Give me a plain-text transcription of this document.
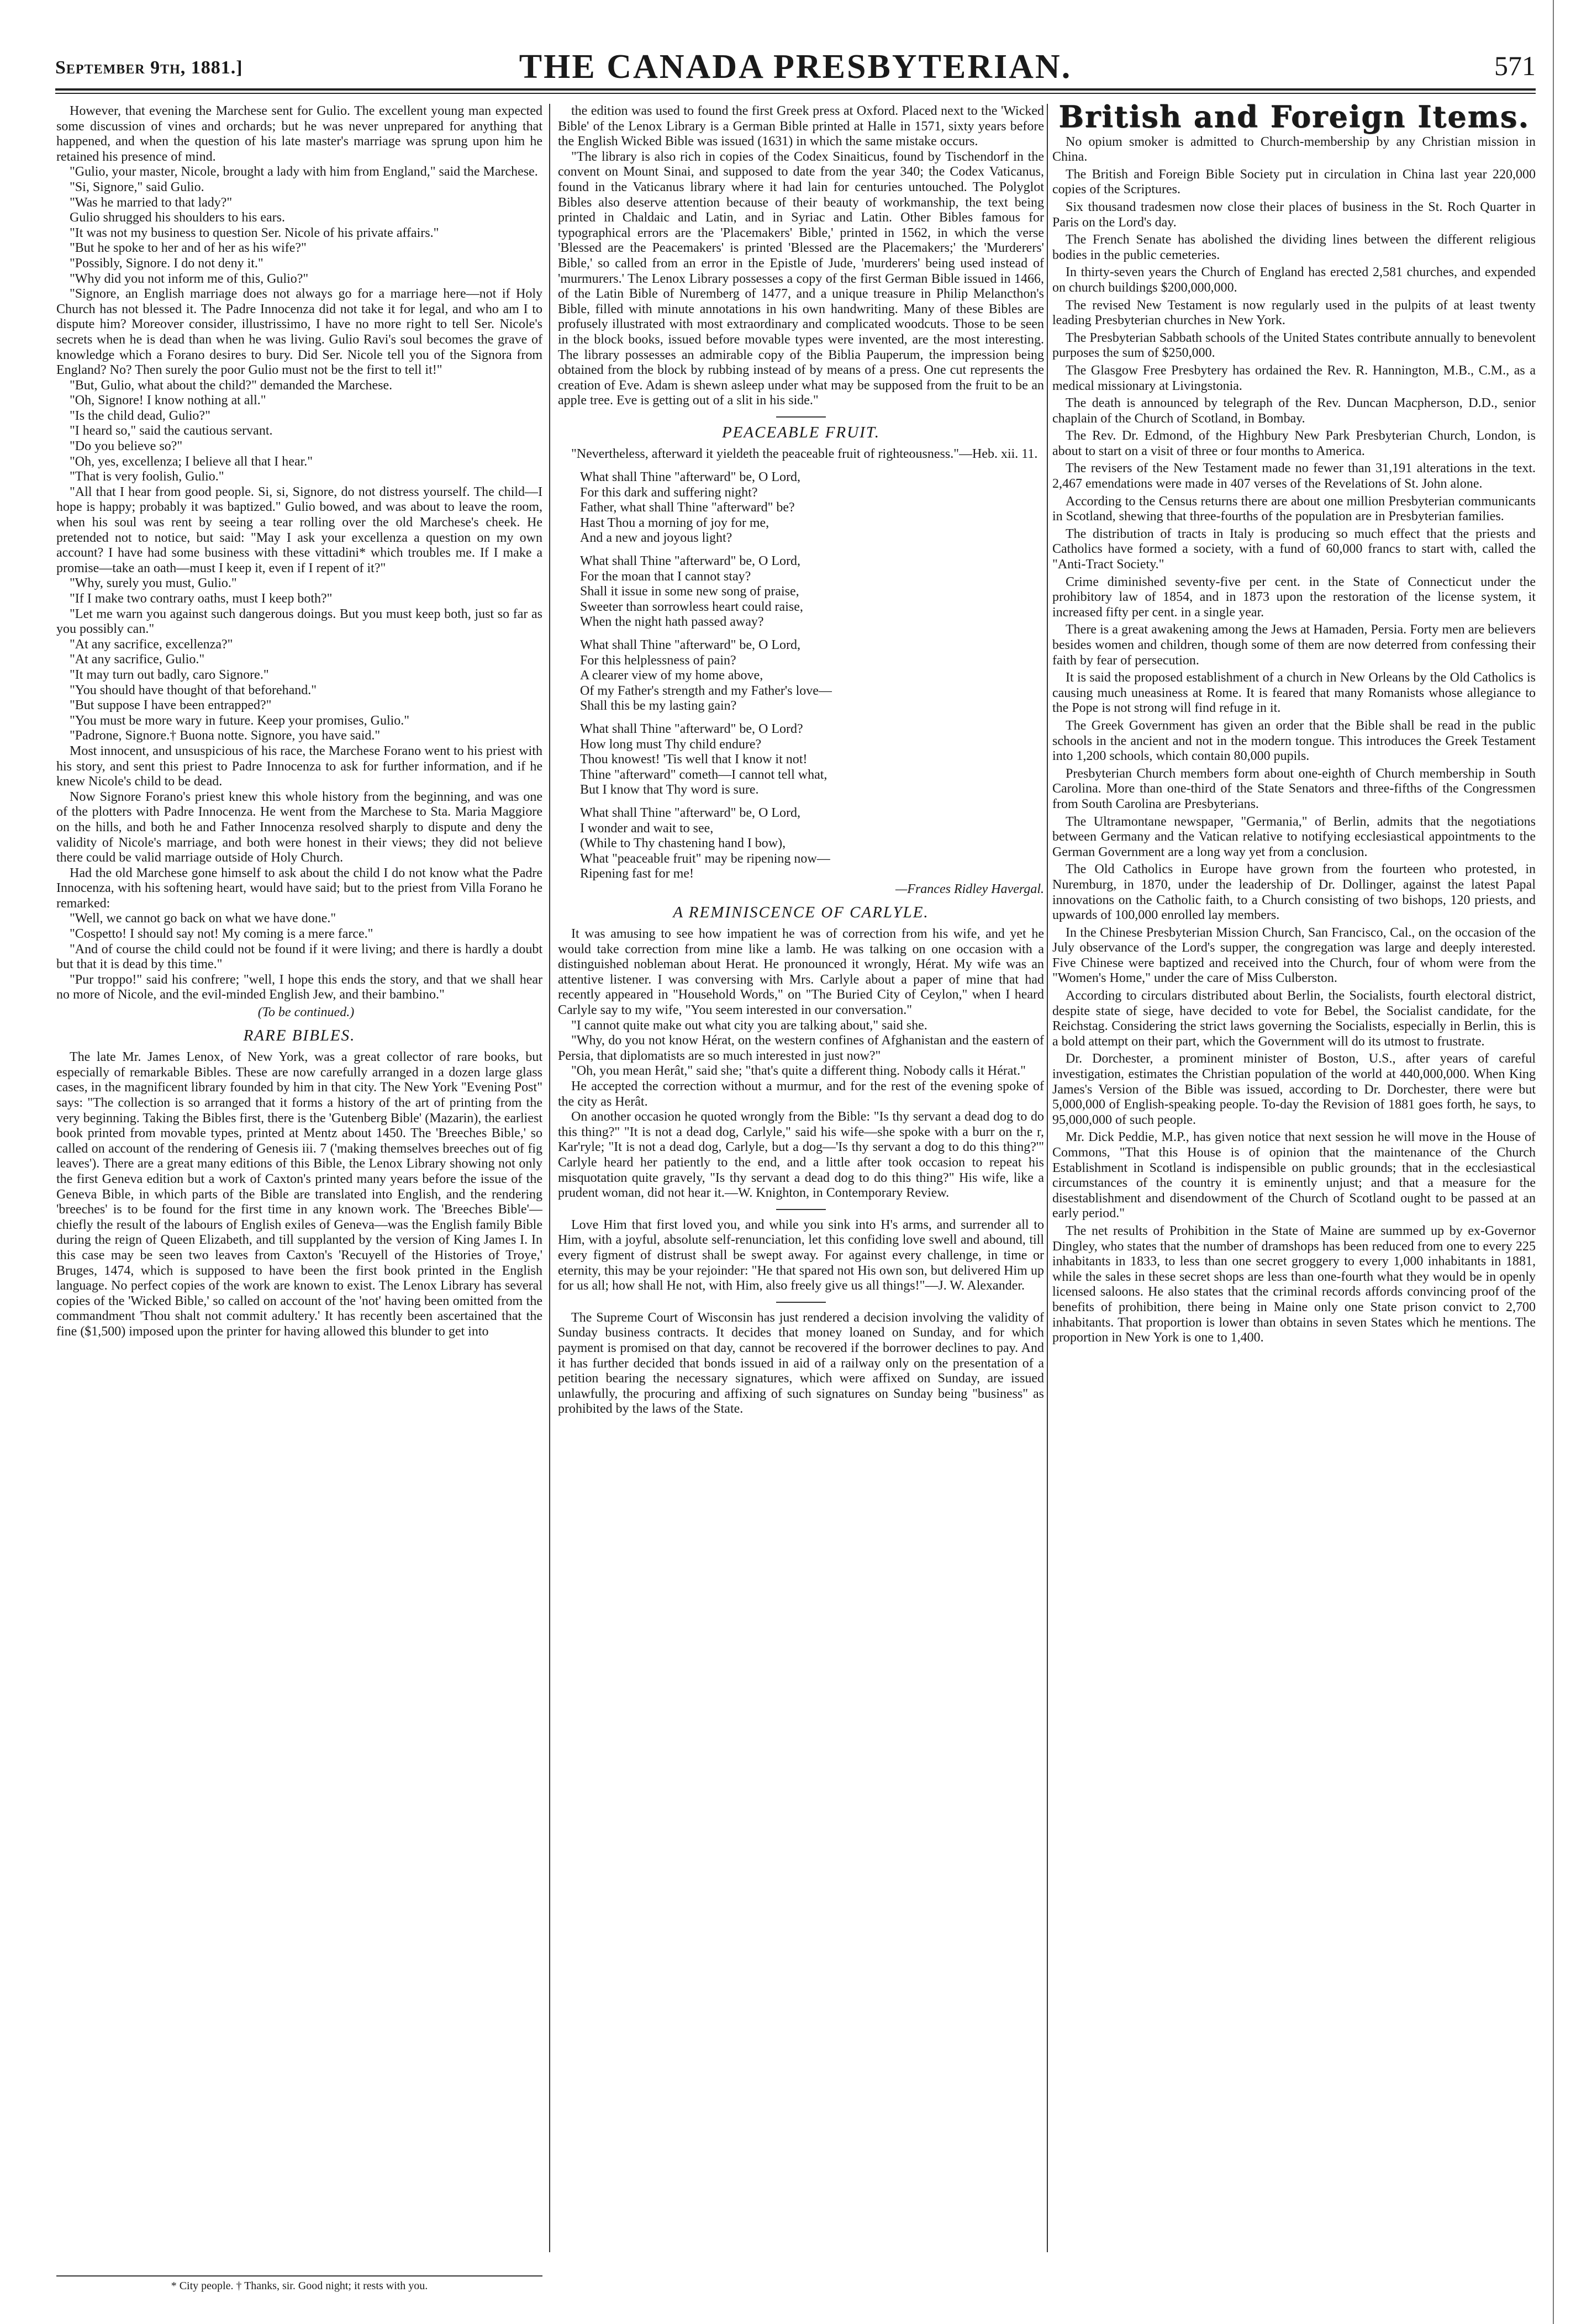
September 9th, 1881.]	THE CANADA PRESBYTERIAN.	571

However, that evening the Marchese sent for Gulio. The excellent young man expected some discussion of vines and orchards; but he was never unprepared for anything that happened, and when the question of his late master's marriage was sprung upon him he retained his presence of mind.

"Gulio, your master, Nicole, brought a lady with him from England," said the Marchese.

"Si, Signore," said Gulio.

"Was he married to that lady?"

Gulio shrugged his shoulders to his ears.

"It was not my business to question Ser. Nicole of his private affairs."

"But he spoke to her and of her as his wife?"

"Possibly, Signore. I do not deny it."

"Why did you not inform me of this, Gulio?"

"Signore, an English marriage does not always go for a marriage here—not if Holy Church has not blessed it. The Padre Innocenza did not take it for legal, and who am I to dispute him? Moreover consider, illustrissimo, I have no more right to tell Ser. Nicole's secrets when he is dead than when he was living. Gulio Ravi's soul becomes the grave of knowledge which a Forano desires to bury. Did Ser. Nicole tell you of the Signora from England? No? Then surely the poor Gulio must not be the first to tell it!"

"But, Gulio, what about the child?" demanded the Marchese.

"Oh, Signore! I know nothing at all."

"Is the child dead, Gulio?"

"I heard so," said the cautious servant.

"Do you believe so?"

"Oh, yes, excellenza; I believe all that I hear."

"That is very foolish, Gulio."

"All that I hear from good people. Si, si, Signore, do not distress yourself. The child—I hope is happy; probably it was baptized." Gulio bowed, and was about to leave the room, when his soul was rent by seeing a tear rolling over the old Marchese's cheek. He pretended not to notice, but said: "May I ask your excellenza a question on my own account? I have had some business with these vittadini* which troubles me. If I make a promise—take an oath—must I keep it, even if I repent of it?"

"Why, surely you must, Gulio."

"If I make two contrary oaths, must I keep both?"

"Let me warn you against such dangerous doings. But you must keep both, just so far as you possibly can."

"At any sacrifice, excellenza?"

"At any sacrifice, Gulio."

"It may turn out badly, caro Signore."

"You should have thought of that beforehand."

"But suppose I have been entrapped?"

"You must be more wary in future. Keep your promises, Gulio."

"Padrone, Signore.† Buona notte. Signore, you have said."

Most innocent, and unsuspicious of his race, the Marchese Forano went to his priest with his story, and sent this priest to Padre Innocenza to ask for further information, and if he knew Nicole's child to be dead.

Now Signore Forano's priest knew this whole history from the beginning, and was one of the plotters with Padre Innocenza. He went from the Marchese to Sta. Maria Maggiore on the hills, and both he and Father Innocenza resolved sharply to dispute and deny the validity of Nicole's marriage, and both were honest in their views; they did not believe there could be valid marriage outside of Holy Church.

Had the old Marchese gone himself to ask about the child I do not know what the Padre Innocenza, with his softening heart, would have said; but to the priest from Villa Forano he remarked:

"Well, we cannot go back on what we have done."

"Cospetto! I should say not! My coming is a mere farce."

"And of course the child could not be found if it were living; and there is hardly a doubt but that it is dead by this time."

"Pur troppo!" said his confrere; "well, I hope this ends the story, and that we shall hear no more of Nicole, and the evil-minded English Jew, and their bambino."

(To be continued.)

RARE BIBLES.

The late Mr. James Lenox, of New York, was a great collector of rare books, but especially of remarkable Bibles. These are now carefully arranged in a dozen large glass cases, in the magnificent library founded by him in that city. The New York "Evening Post" says: "The collection is so arranged that it forms a history of the art of printing from the very beginning. Taking the Bibles first, there is the 'Gutenberg Bible' (Mazarin), the earliest book printed from movable types, printed at Mentz about 1450. The 'Breeches Bible,' so called on account of the rendering of Genesis iii. 7 ('making themselves breeches out of fig leaves'). There are a great many editions of this Bible, the Lenox Library showing not only the first Geneva edition but a work of Caxton's printed many years before the issue of the Geneva Bible, in which parts of the Bible are translated into English, and the rendering 'breeches' is to be found for the first time in any known work. The 'Breeches Bible'—chiefly the result of the labours of English exiles of Geneva—was the English family Bible during the reign of Queen Elizabeth, and till supplanted by the version of King James I. In this case may be seen two leaves from Caxton's 'Recuyell of the Histories of Troye,' Bruges, 1474, which is supposed to have been the first book printed in the English language. No perfect copies of the work are known to exist. The Lenox Library has several copies of the 'Wicked Bible,' so called on account of the 'not' having been omitted from the commandment 'Thou shalt not commit adultery.' It has recently been ascertained that the fine ($1,500) imposed upon the printer for having allowed this blunder to get into

* City people. † Thanks, sir. Good night; it rests with you.

the edition was used to found the first Greek press at Oxford. Placed next to the 'Wicked Bible' of the Lenox Library is a German Bible printed at Halle in 1571, sixty years before the English Wicked Bible was issued (1631) in which the same mistake occurs.

"The library is also rich in copies of the Codex Sinaiticus, found by Tischendorf in the convent on Mount Sinai, and supposed to date from the year 340; the Codex Vaticanus, found in the Vaticanus library where it had lain for centuries untouched. The Polyglot Bibles also deserve attention because of their beauty of workmanship, the text being printed in Chaldaic and Latin, and in Syriac and Latin. Other Bibles famous for typographical errors are the 'Placemakers' Bible,' printed in 1562, in which the verse 'Blessed are the Peacemakers' is printed 'Blessed are the Placemakers;' the 'Murderers' Bible,' so called from an error in the Epistle of Jude, 'murderers' being used instead of 'murmurers.' The Lenox Library possesses a copy of the first German Bible issued in 1466, of the Latin Bible of Nuremberg of 1477, and a unique treasure in Philip Melancthon's Bible, filled with minute annotations in his own handwriting. Many of these Bibles are profusely illustrated with most extraordinary and complicated woodcuts. Those to be seen in the block books, issued before movable types were invented, are the most interesting. The library possesses an admirable copy of the Biblia Pauperum, the impression being obtained from the block by rubbing instead of by means of a press. One cut represents the creation of Eve. Adam is shewn asleep under what may be supposed from the fruit to be an apple tree. Eve is getting out of a slit in his side."

PEACEABLE FRUIT.

"Nevertheless, afterward it yieldeth the peaceable fruit of righteousness."—Heb. xii. 11.

What shall Thine "afterward" be, O Lord,
For this dark and suffering night?
Father, what shall Thine "afterward" be?
Hast Thou a morning of joy for me,
And a new and joyous light?
What shall Thine "afterward" be, O Lord,
For the moan that I cannot stay?
Shall it issue in some new song of praise,
Sweeter than sorrowless heart could raise,
When the night hath passed away?
What shall Thine "afterward" be, O Lord,
For this helplessness of pain?
A clearer view of my home above,
Of my Father's strength and my Father's love—
Shall this be my lasting gain?
What shall Thine "afterward" be, O Lord?
How long must Thy child endure?
Thou knowest! 'Tis well that I know it not!
Thine "afterward" cometh—I cannot tell what,
But I know that Thy word is sure.
What shall Thine "afterward" be, O Lord,
I wonder and wait to see,
(While to Thy chastening hand I bow),
What "peaceable fruit" may be ripening now—
Ripening fast for me!

—Frances Ridley Havergal.

A REMINISCENCE OF CARLYLE.

It was amusing to see how impatient he was of correction from his wife, and yet he would take correction from mine like a lamb. He was talking on one occasion with a distinguished nobleman about Herat. He pronounced it wrongly, Hérat. My wife was an attentive listener. I was conversing with Mrs. Carlyle about a paper of mine that had recently appeared in "Household Words," on "The Buried City of Ceylon," when I heard Carlyle say to my wife, "You seem interested in our conversation."

"I cannot quite make out what city you are talking about," said she.

"Why, do you not know Hérat, on the western confines of Afghanistan and the eastern of Persia, that diplomatists are so much interested in just now?"

"Oh, you mean Herât," said she; "that's quite a different thing. Nobody calls it Hérat."

He accepted the correction without a murmur, and for the rest of the evening spoke of the city as Herât.

On another occasion he quoted wrongly from the Bible: "Is thy servant a dead dog to do this thing?" "It is not a dead dog, Carlyle," said his wife—she spoke with a burr on the r, Kar'ryle; "It is not a dead dog, Carlyle, but a dog—'Is thy servant a dog to do this thing?'" Carlyle heard her patiently to the end, and a little after took occasion to repeat his misquotation quite gravely, "Is thy servant a dead dog to do this thing?" His wife, like a prudent woman, did not hear it.—W. Knighton, in Contemporary Review.

Love Him that first loved you, and while you sink into H's arms, and surrender all to Him, with a joyful, absolute self-renunciation, let this confiding love swell and abound, till every figment of distrust shall be swept away. For against every challenge, in time or eternity, this may be your rejoinder: "He that spared not His own son, but delivered Him up for us all; how shall He not, with Him, also freely give us all things!"—J. W. Alexander.

The Supreme Court of Wisconsin has just rendered a decision involving the validity of Sunday business contracts. It decides that money loaned on Sunday, and for which payment is promised on that day, cannot be recovered if the borrower declines to pay. And it has further decided that bonds issued in aid of a railway only on the presentation of a petition bearing the necessary signatures, which were affixed on Sunday, are issued unlawfully, the procuring and affixing of such signatures on Sunday being "business" as prohibited by the laws of the State.

British and Foreign Items.

No opium smoker is admitted to Church-membership by any Christian mission in China.

The British and Foreign Bible Society put in circulation in China last year 220,000 copies of the Scriptures.

Six thousand tradesmen now close their places of business in the St. Roch Quarter in Paris on the Lord's day.

The French Senate has abolished the dividing lines between the different religious bodies in the public cemeteries.

In thirty-seven years the Church of England has erected 2,581 churches, and expended on church buildings $200,000,000.

The revised New Testament is now regularly used in the pulpits of at least twenty leading Presbyterian churches in New York.

The Presbyterian Sabbath schools of the United States contribute annually to benevolent purposes the sum of $250,000.

The Glasgow Free Presbytery has ordained the Rev. R. Hannington, M.B., C.M., as a medical missionary at Livingstonia.

The death is announced by telegraph of the Rev. Duncan Macpherson, D.D., senior chaplain of the Church of Scotland, in Bombay.

The Rev. Dr. Edmond, of the Highbury New Park Presbyterian Church, London, is about to start on a visit of three or four months to America.

The revisers of the New Testament made no fewer than 31,191 alterations in the text. 2,467 emendations were made in 407 verses of the Revelations of St. John alone.

According to the Census returns there are about one million Presbyterian communicants in Scotland, shewing that three-fourths of the population are in Presbyterian families.

The distribution of tracts in Italy is producing so much effect that the priests and Catholics have formed a society, with a fund of 60,000 francs to start with, called the "Anti-Tract Society."

Crime diminished seventy-five per cent. in the State of Connecticut under the prohibitory law of 1854, and in 1873 upon the restoration of the license system, it increased fifty per cent. in a single year.

There is a great awakening among the Jews at Hamaden, Persia. Forty men are believers besides women and children, though some of them are now deterred from confessing their faith by fear of persecution.

It is said the proposed establishment of a church in New Orleans by the Old Catholics is causing much uneasiness at Rome. It is feared that many Romanists whose allegiance to the Pope is not strong will find refuge in it.

The Greek Government has given an order that the Bible shall be read in the public schools in the ancient and not in the modern tongue. This introduces the Greek Testament into 1,200 schools, which contain 80,000 pupils.

Presbyterian Church members form about one-eighth of Church membership in South Carolina. More than one-third of the State Senators and three-fifths of the Congressmen from South Carolina are Presbyterians.

The Ultramontane newspaper, "Germania," of Berlin, admits that the negotiations between Germany and the Vatican relative to notifying ecclesiastical appointments to the German Government are a long way yet from a conclusion.

The Old Catholics in Europe have grown from the fourteen who protested, in Nuremburg, in 1870, under the leadership of Dr. Dollinger, against the latest Papal innovations on the Catholic faith, to a Church consisting of two bishops, 120 priests, and upwards of 100,000 enrolled lay members.

In the Chinese Presbyterian Mission Church, San Francisco, Cal., on the occasion of the July observance of the Lord's supper, the congregation was large and deeply interested. Five Chinese were baptized and received into the Church, four of whom were from the "Women's Home," under the care of Miss Culberston.

According to circulars distributed about Berlin, the Socialists, fourth electoral district, despite state of siege, have decided to vote for Bebel, the Socialist candidate, for the Reichstag. Considering the strict laws governing the Socialists, especially in Berlin, this is a bold attempt on their part, which the Government will do its utmost to frustrate.

Dr. Dorchester, a prominent minister of Boston, U.S., after years of careful investigation, estimates the Christian population of the world at 440,000,000. When King James's Version of the Bible was issued, according to Dr. Dorchester, there were but 5,000,000 of English-speaking people. To-day the Revision of 1881 goes forth, he says, to 95,000,000 of such people.

Mr. Dick Peddie, M.P., has given notice that next session he will move in the House of Commons, "That this House is of opinion that the maintenance of the Church Establishment in Scotland is indispensible on public grounds; that in the ecclesiastical circumstances of the country it is eminently unjust; and that a measure for the disestablishment and disendowment of the Church of Scotland ought to be passed at an early period."

The net results of Prohibition in the State of Maine are summed up by ex-Governor Dingley, who states that the number of dramshops has been reduced from one to every 225 inhabitants in 1833, to less than one secret groggery to every 1,000 inhabitants in 1881, while the sales in these secret shops are less than one-fourth what they would be in openly licensed saloons. He also states that the criminal records affords convincing proof of the benefits of prohibition, there being in Maine only one State prison convict to 2,700 inhabitants. That proportion is lower than obtains in seven States which he mentions. The proportion in New York is one to 1,400.
